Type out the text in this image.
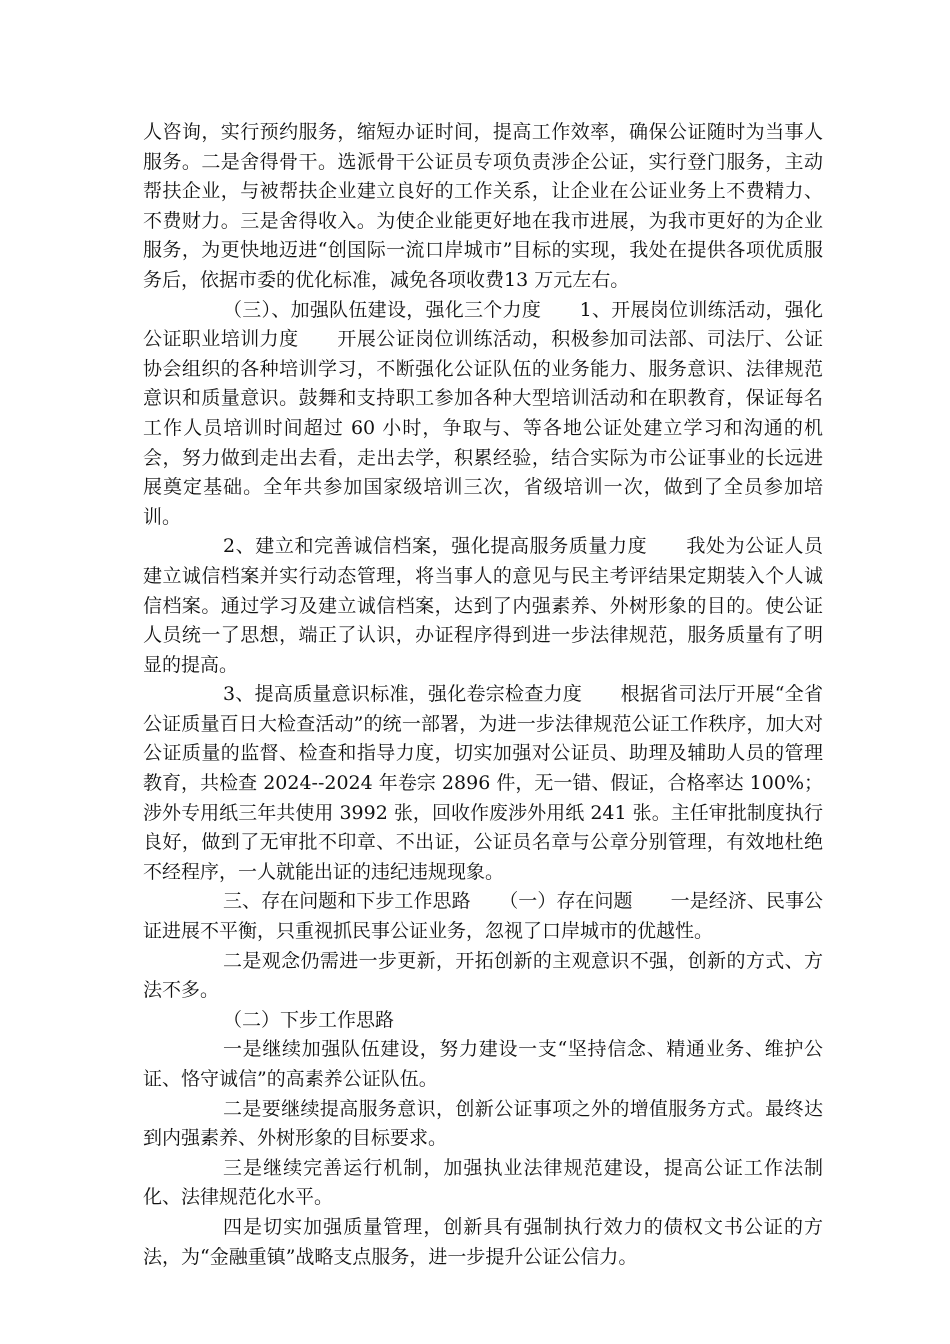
人咨询，实行预约服务，缩短办证时间，提高工作效率，确保公证随时为当事人服务。二是舍得骨干。选派骨干公证员专项负责涉企公证，实行登门服务，主动帮扶企业，与被帮扶企业建立良好的工作关系，让企业在公证业务上不费精力、不费财力。三是舍得收入。为使企业能更好地在我市进展，为我市更好的为企业服务，为更快地迈进“创国际一流口岸城市”目标的实现，我处在提供各项优质服务后，依据市委的优化标准，减免各项收费13 万元左右。

（三）、加强队伍建设，强化三个力度　　1、开展岗位训练活动，强化公证职业培训力度　　开展公证岗位训练活动，积极参加司法部、司法厅、公证协会组织的各种培训学习，不断强化公证队伍的业务能力、服务意识、法律规范意识和质量意识。鼓舞和支持职工参加各种大型培训活动和在职教育，保证每名工作人员培训时间超过 60 小时，争取与、等各地公证处建立学习和沟通的机会，努力做到走出去看，走出去学，积累经验，结合实际为市公证事业的长远进展奠定基础。全年共参加国家级培训三次，省级培训一次，做到了全员参加培训。

2、建立和完善诚信档案，强化提高服务质量力度　　我处为公证人员建立诚信档案并实行动态管理，将当事人的意见与民主考评结果定期装入个人诚信档案。通过学习及建立诚信档案，达到了内强素养、外树形象的目的。使公证人员统一了思想，端正了认识，办证程序得到进一步法律规范，服务质量有了明显的提高。

3、提高质量意识标准，强化卷宗检查力度　　根据省司法厅开展“全省公证质量百日大检查活动”的统一部署，为进一步法律规范公证工作秩序，加大对公证质量的监督、检查和指导力度，切实加强对公证员、助理及辅助人员的管理教育，共检查 2024--2024 年卷宗 2896 件，无一错、假证，合格率达 100%；涉外专用纸三年共使用 3992 张，回收作废涉外用纸 241 张。主任审批制度执行良好，做到了无审批不印章、不出证，公证员名章与公章分别管理，有效地杜绝不经程序，一人就能出证的违纪违规现象。

三、存在问题和下步工作思路　　（一）存在问题　　一是经济、民事公证进展不平衡，只重视抓民事公证业务，忽视了口岸城市的优越性。

二是观念仍需进一步更新，开拓创新的主观意识不强，创新的方式、方法不多。

（二）下步工作思路

一是继续加强队伍建设，努力建设一支“坚持信念、精通业务、维护公证、恪守诚信”的高素养公证队伍。

二是要继续提高服务意识，创新公证事项之外的增值服务方式。最终达到内强素养、外树形象的目标要求。

三是继续完善运行机制，加强执业法律规范建设，提高公证工作法制化、法律规范化水平。

四是切实加强质量管理，创新具有强制执行效力的债权文书公证的方法，为“金融重镇”战略支点服务，进一步提升公证公信力。
